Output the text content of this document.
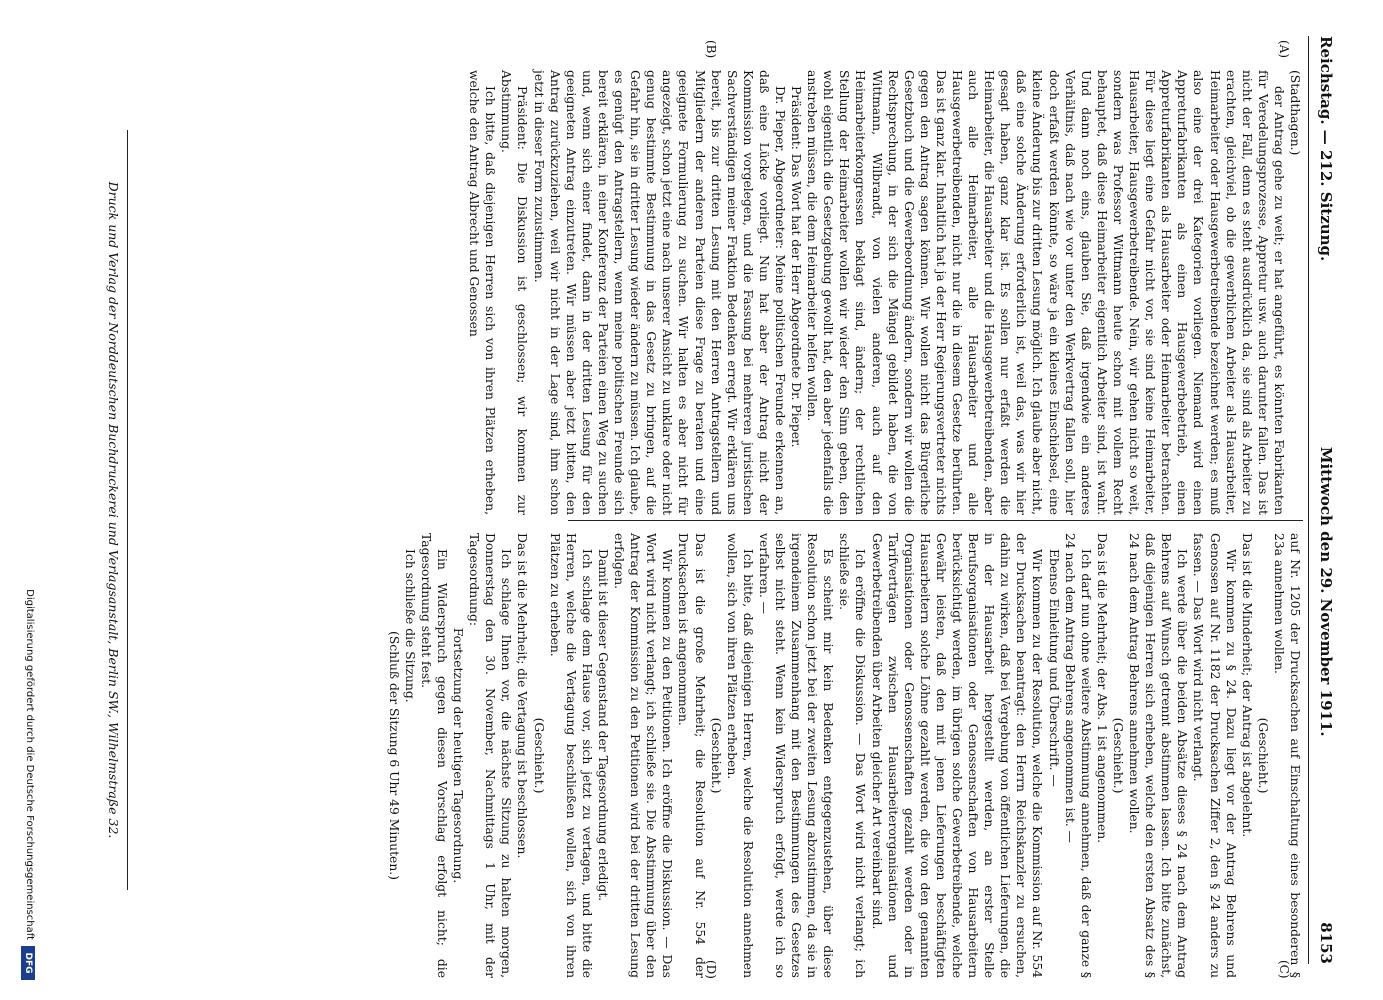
Reichstag. — 212. Sitzung.
Mittwoch den 29. November 1911.
8153
(A)
(B)
(C)
(D)

(Stadthagen.)

der Antrag gehe zu weit; er hat angeführt, es könnten Fabrikanten für Veredelungsprozesse, Appretur usw. auch darunter fallen. Das ist nicht der Fall, denn es steht ausdrücklich da, sie sind als Arbeiter zu erachten, gleichviel, ob die gewerblichen Arbeiter als Hausarbeiter, Heimarbeiter oder Hausgewerbetreibende bezeichnet werden; es muß also eine der drei Kategorien vorliegen. Niemand wird einen Appreturfabrikanten als einen Hausgewerbebetrieb, einen Appreturfabrikanten als Hausarbeiter oder Heimarbeiter betrachten. Für diese liegt eine Gefahr nicht vor, sie sind keine Heimarbeiter, Hausarbeiter, Hausgewerbetreibende. Nein, wir gehen nicht so weit, sondern was Professor Wittmann heute schon mit vollem Recht behauptet, daß diese Heimarbeiter eigentlich Arbeiter sind, ist wahr. Und dann noch eins, glauben Sie, daß irgendwie ein anderes Verhältnis, daß nach wie vor unter den Werkvertrag fallen soll, hier doch erfaßt werden könnte, so wäre ja ein kleines Einschiebsel, eine kleine Änderung bis zur dritten Lesung möglich. Ich glaube aber nicht, daß eine solche Änderung erforderlich ist, weil das, was wir hier gesagt haben, ganz klar ist. Es sollen nur erfaßt werden die Heimarbeiter, die Hausarbeiter und die Hausgewerbetreibenden, aber auch alle Heimarbeiter, alle Hausarbeiter und alle Hausgewerbetreibenden, nicht nur die in diesem Gesetze berührten. Das ist ganz klar. Inhaltlich hat ja der Herr Regierungsvertreter nichts gegen den Antrag sagen können. Wir wollen nicht das Bürgerliche Gesetzbuch und die Gewerbeordnung ändern, sondern wir wollen die Rechtsprechung, in der sich die Mängel gebildet haben, die von Wittmann, Wilbrandt, von vielen anderen, auch auf den Heimarbeiterkongressen beklagt sind, ändern; der rechtlichen Stellung der Heimarbeiter wollen wir wieder den Sinn geben, den wohl eigentlich die Gesetzgebung gewollt hat, den aber jedenfalls die anstreben müssen, die dem Heimarbeiter helfen wollen.

Präsident: Das Wort hat der Herr Abgeordnete Dr. Pieper.

Dr. Pieper, Abgeordneter: Meine politischen Freunde erkennen an, daß eine Lücke vorliegt. Nun hat aber der Antrag nicht der Kommission vorgelegen, und die Fassung bei mehreren juristischen Sachverständigen meiner Fraktion Bedenken erregt. Wir erklären uns bereit, bis zur dritten Lesung mit den Herren Antragstellern und Mitgliedern der anderen Parteien diese Frage zu beraten und eine geeignete Formulierung zu suchen. Wir halten es aber nicht für angezeigt, schon jetzt eine nach unserer Ansicht zu unklare oder nicht genug bestimmte Bestimmung in das Gesetz zu bringen, auf die Gefahr hin, sie in dritter Lesung wieder ändern zu müssen. Ich glaube, es genügt den Antragstellern, wenn meine politischen Freunde sich bereit erklären, in einer Konferenz der Parteien einen Weg zu suchen und, wenn sich einer findet, dann in der dritten Lesung für den geeigneten Antrag einzutreten. Wir müssen aber jetzt bitten, den Antrag zurückzuziehen, weil wir nicht in der Lage sind, ihm schon jetzt in dieser Form zuzustimmen.

Präsident: Die Diskussion ist geschlossen; wir kommen zur Abstimmung.

Ich bitte, daß diejenigen Herren sich von ihren Plätzen erheben, welche den Antrag Albrecht und Genossen

auf Nr. 1205 der Drucksachen auf Einschaltung eines besonderen § 23a annehmen wollen.

(Geschieht.)

Das ist die Minderheit; der Antrag ist abgelehnt.

Wir kommen zu § 24. Dazu liegt vor der Antrag Behrens und Genossen auf Nr. 1182 der Drucksachen Ziffer 2, den § 24 anders zu fassen. — Das Wort wird nicht verlangt.

Ich werde über die beiden Absätze dieses § 24 nach dem Antrag Behrens auf Wunsch getrennt abstimmen lassen. Ich bitte zunächst, daß diejenigen Herren sich erheben, welche den ersten Absatz des § 24 nach dem Antrag Behrens annehmen wollen.

(Geschieht.)

Das ist die Mehrheit; der Abs. 1 ist angenommen.

Ich darf nun ohne weitere Abstimmung annehmen, daß der ganze § 24 nach dem Antrag Behrens angenommen ist. —

Ebenso Einleitung und Überschrift. —

Wir kommen zu der Resolution, welche die Kommission auf Nr. 554 der Drucksachen beantragt: den Herrn Reichskanzler zu ersuchen, dahin zu wirken, daß bei Vergebung von öffentlichen Lieferungen, die in der Hausarbeit hergestellt werden, an erster Stelle Berufsorganisationen oder Genossenschaften von Hausarbeitern berücksichtigt werden, im übrigen solche Gewerbetreibende, welche Gewähr leisten, daß den mit jenen Lieferungen beschäftigten Hausarbeitern solche Löhne gezahlt werden, die von den genannten Organisationen oder Genossenschaften gezahlt werden oder in Tarifverträgen zwischen Hausarbeiterorganisationen und Gewerbetreibenden über Arbeiten gleicher Art vereinbart sind.

Ich eröffne die Diskussion. — Das Wort wird nicht verlangt; ich schließe sie.

Es scheint mir kein Bedenken entgegenzustehen, über diese Resolution schon jetzt bei der zweiten Lesung abzustimmen, da sie in irgendeinem Zusammenhang mit den Bestimmungen des Gesetzes selbst nicht steht. Wenn kein Widerspruch erfolgt, werde ich so verfahren. —

Ich bitte, daß diejenigen Herren, welche die Resolution annehmen wollen, sich von ihren Plätzen erheben.

(Geschieht.)

Das ist die große Mehrheit; die Resolution auf Nr. 554 der Drucksachen ist angenommen.

Wir kommen zu den Petitionen. Ich eröffne die Diskussion. — Das Wort wird nicht verlangt; ich schließe sie. Die Abstimmung über den Antrag der Kommission zu den Petitionen wird bei der dritten Lesung erfolgen.

Damit ist dieser Gegenstand der Tagesordnung erledigt.

Ich schlage dem Hause vor, sich jetzt zu vertagen, und bitte die Herren, welche die Vertagung beschließen wollen, sich von ihren Plätzen zu erheben.

(Geschieht.)

Das ist die Mehrheit; die Vertagung ist beschlossen.

Ich schlage Ihnen vor, die nächste Sitzung zu halten morgen, Donnerstag den 30. November, Nachmittags 1 Uhr, mit der Tagesordnung:

Fortsetzung der heutigen Tagesordnung.

Ein Widerspruch gegen diesen Vorschlag erfolgt nicht; die Tagesordnung steht fest.

Ich schließe die Sitzung.

(Schluß der Sitzung 6 Uhr 49 Minuten.)

Druck und Verlag der Norddeutschen Buchdruckerei und Verlagsanstalt, Berlin SW., Wilhelmstraße 32.
Digitalisierung gefördert durch die Deutsche Forschungsgemeinschaft
DFG
